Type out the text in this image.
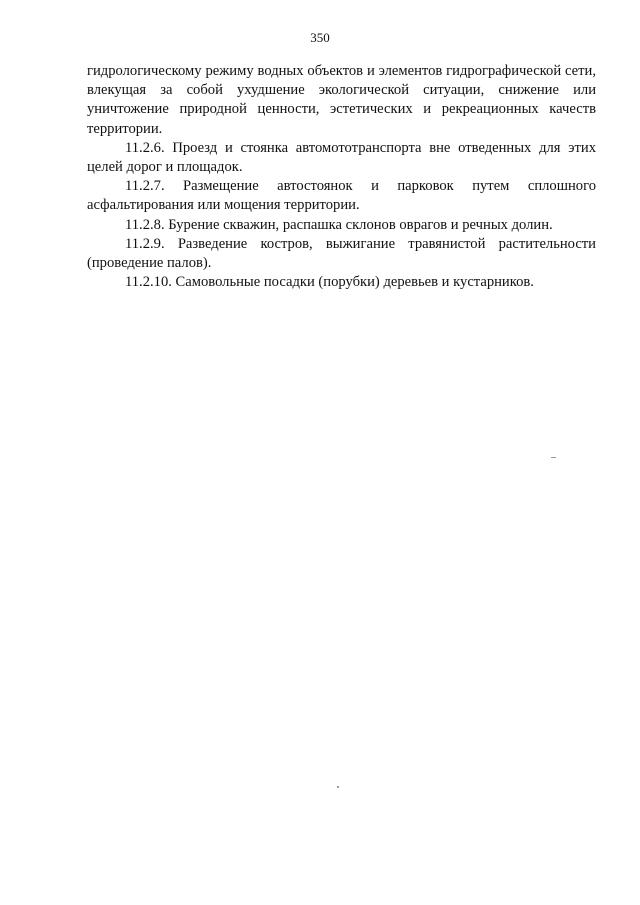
350

гидрологическому режиму водных объектов и элементов гидрографической сети, влекущая за собой ухудшение экологической ситуации, снижение или уничтожение природной ценности, эстетических и рекреационных качеств территории.

11.2.6. Проезд и стоянка автомототранспорта вне отведенных для этих целей дорог и площадок.

11.2.7. Размещение автостоянок и парковок путем сплошного асфальтирования или мощения территории.

11.2.8. Бурение скважин, распашка склонов оврагов и речных долин.

11.2.9. Разведение костров, выжигание травянистой растительности (проведение палов).

11.2.10. Самовольные посадки (порубки) деревьев и кустарников.
